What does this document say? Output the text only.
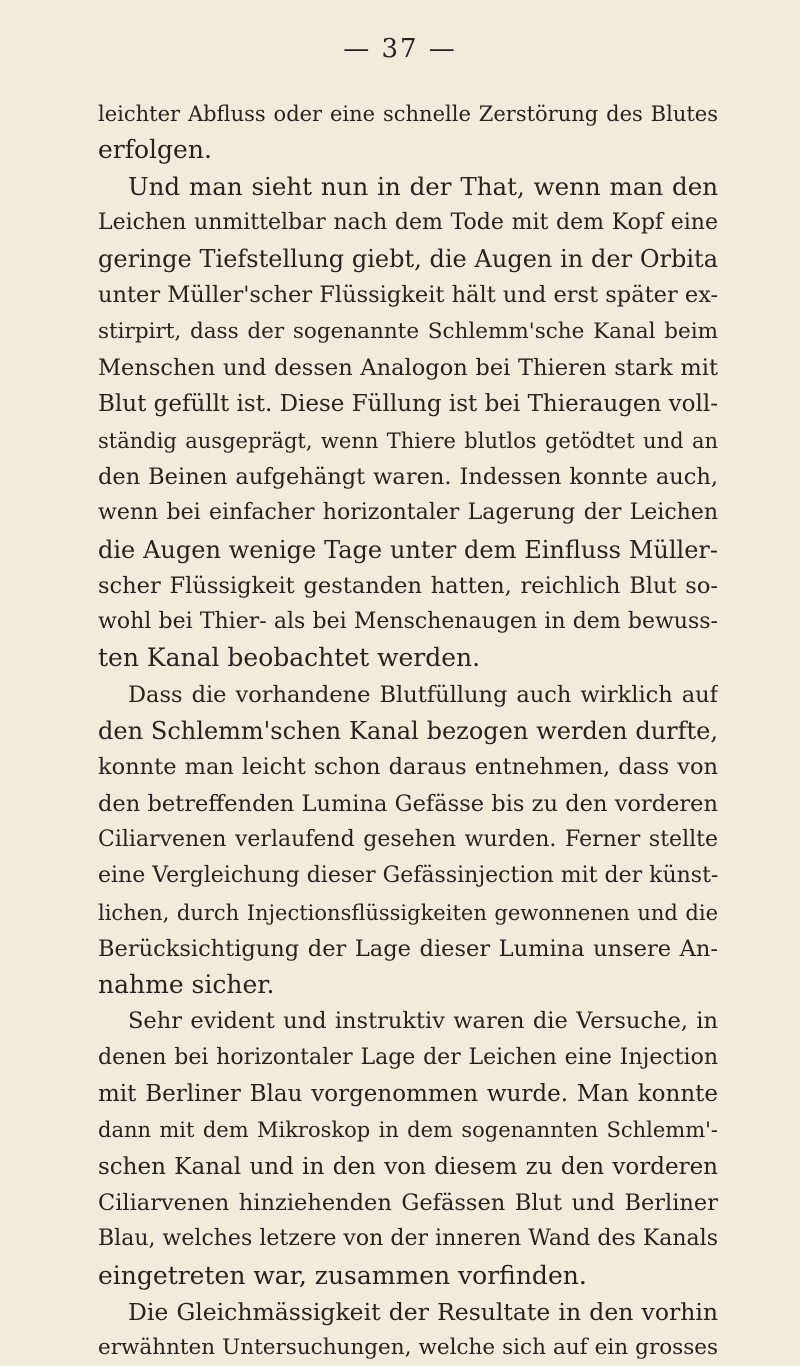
— 37 —
leichter Abfluss oder eine schnelle Zerstörung des Blutes
erfolgen.
Und man sieht nun in der That, wenn man den
Leichen unmittelbar nach dem Tode mit dem Kopf eine
geringe Tiefstellung giebt, die Augen in der Orbita
unter Müller'scher Flüssigkeit hält und erst später ex-
stirpirt, dass der sogenannte Schlemm'sche Kanal beim
Menschen und dessen Analogon bei Thieren stark mit
Blut gefüllt ist. Diese Füllung ist bei Thieraugen voll-
ständig ausgeprägt, wenn Thiere blutlos getödtet und an
den Beinen aufgehängt waren. Indessen konnte auch,
wenn bei einfacher horizontaler Lagerung der Leichen
die Augen wenige Tage unter dem Einfluss Müller-
scher Flüssigkeit gestanden hatten, reichlich Blut so-
wohl bei Thier- als bei Menschenaugen in dem bewuss-
ten Kanal beobachtet werden.
Dass die vorhandene Blutfüllung auch wirklich auf
den Schlemm'schen Kanal bezogen werden durfte,
konnte man leicht schon daraus entnehmen, dass von
den betreffenden Lumina Gefässe bis zu den vorderen
Ciliarvenen verlaufend gesehen wurden. Ferner stellte
eine Vergleichung dieser Gefässinjection mit der künst-
lichen, durch Injectionsflüssigkeiten gewonnenen und die
Berücksichtigung der Lage dieser Lumina unsere An-
nahme sicher.
Sehr evident und instruktiv waren die Versuche, in
denen bei horizontaler Lage der Leichen eine Injection
mit Berliner Blau vorgenommen wurde. Man konnte
dann mit dem Mikroskop in dem sogenannten Schlemm'-
schen Kanal und in den von diesem zu den vorderen
Ciliarvenen hinziehenden Gefässen Blut und Berliner
Blau, welches letzere von der inneren Wand des Kanals
eingetreten war, zusammen vorfinden.
Die Gleichmässigkeit der Resultate in den vorhin
erwähnten Untersuchungen, welche sich auf ein grosses
